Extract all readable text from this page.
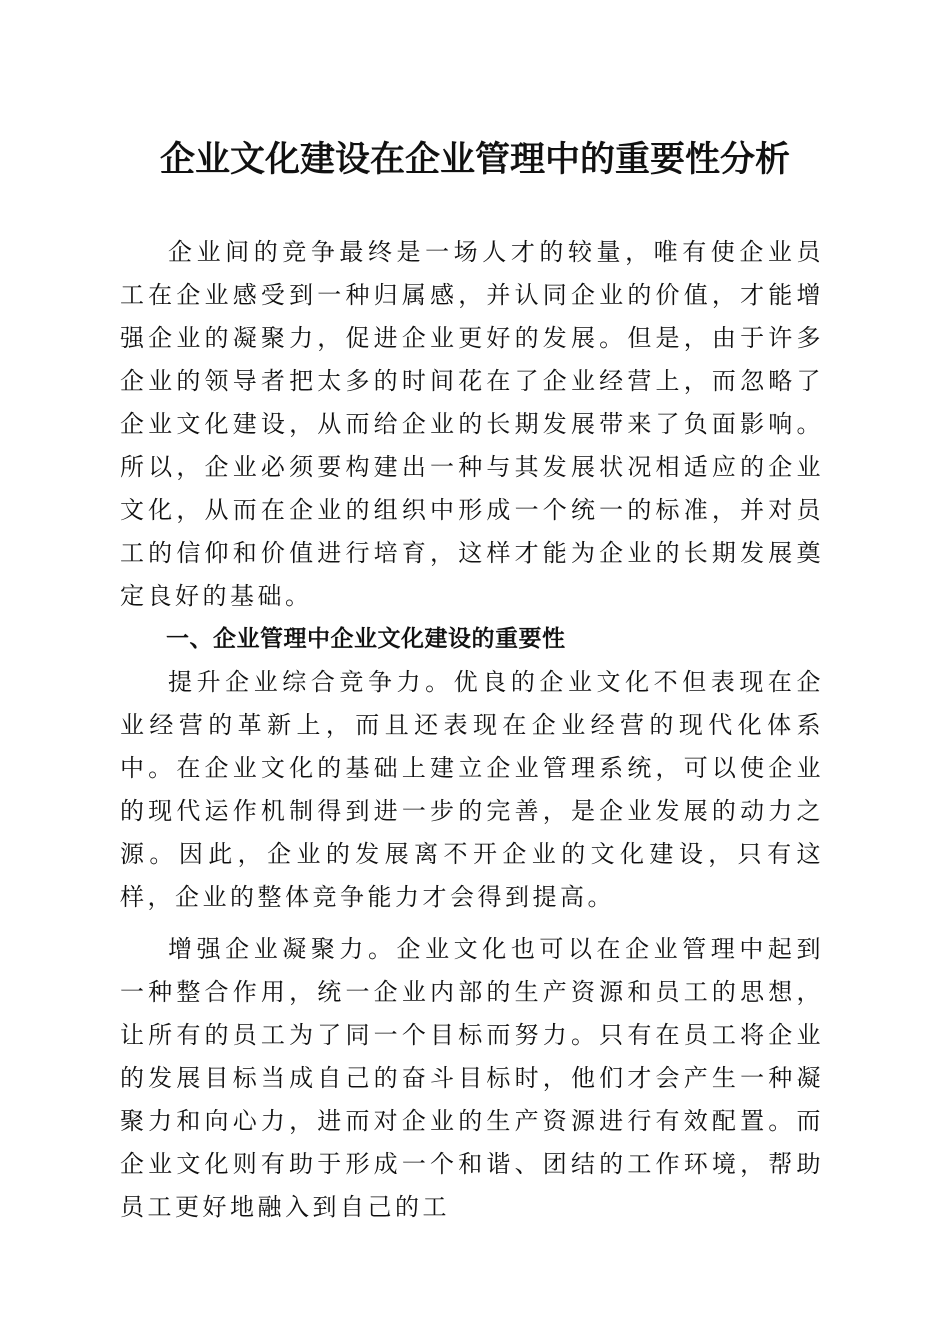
企业文化建设在企业管理中的重要性分析

企业间的竞争最终是一场人才的较量，唯有使企业员工在企业感受到一种归属感，并认同企业的价值，才能增强企业的凝聚力，促进企业更好的发展。但是，由于许多企业的领导者把太多的时间花在了企业经营上，而忽略了企业文化建设，从而给企业的长期发展带来了负面影响。所以，企业必须要构建出一种与其发展状况相适应的企业文化，从而在企业的组织中形成一个统一的标准，并对员工的信仰和价值进行培育，这样才能为企业的长期发展奠定良好的基础。

一、企业管理中企业文化建设的重要性

提升企业综合竞争力。优良的企业文化不但表现在企业经营的革新上，而且还表现在企业经营的现代化体系中。在企业文化的基础上建立企业管理系统，可以使企业的现代运作机制得到进一步的完善，是企业发展的动力之源。因此，企业的发展离不开企业的文化建设，只有这样，企业的整体竞争能力才会得到提高。

增强企业凝聚力。企业文化也可以在企业管理中起到一种整合作用，统一企业内部的生产资源和员工的思想，让所有的员工为了同一个目标而努力。只有在员工将企业的发展目标当成自己的奋斗目标时，他们才会产生一种凝聚力和向心力，进而对企业的生产资源进行有效配置。而企业文化则有助于形成一个和谐、团结的工作环境，帮助员工更好地融入到自己的工
